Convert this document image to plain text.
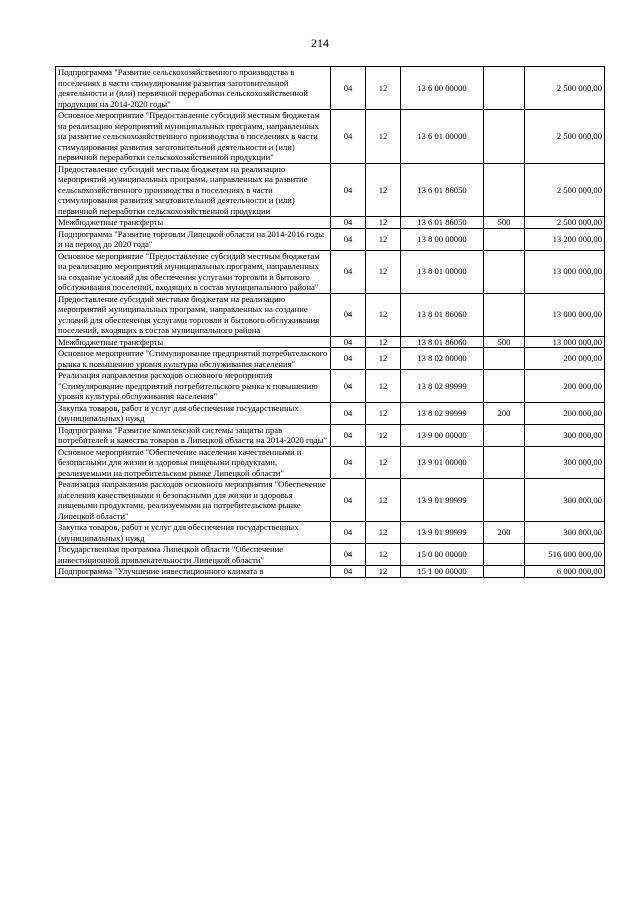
214
Подпрограмма "Развитие сельскохозяйственного производства в поселениях в части стимулирования развития заготовительной деятельности и (или) первичной переработки сельскохозяйственной продукции на 2014-2020 годы"	04	12	13 6 00 00000		2 500 000,00
Основное мероприятие "Предоставление субсидий местным бюджетам на реализацию мероприятий муниципальных программ, направленных на развитие сельскохозяйственного производства в поселениях в части стимулирования развития заготовительной деятельности и (или) первичной переработки сельскохозяйственной продукции"	04	12	13 6 01 00000		2 500 000,00
Предоставление субсидий местным бюджетам на реализацию мероприятий муниципальных программ, направленных на развитие сельскохозяйственного производства в поселениях в части стимулирования развития заготовительной деятельности и (или) первичной переработки сельскохозяйственной продукции	04	12	13 6 01 86050		2 500 000,00
Межбюджетные трансферты	04	12	13 6 01 86050	500	2 500 000,00
Подпрограмма "Развитие торговли Липецкой области на 2014-2016 годы и на период до 2020 года"	04	12	13 8 00 00000		13 200 000,00
Основное мероприятие "Предоставление субсидий местным бюджетам на реализацию мероприятий муниципальных программ, направленных на создание условий для обеспечения услугами торговли и бытового обслуживания поселений, входящих в состав муниципального района"	04	12	13 8 01 00000		13 000 000,00
Предоставление субсидий местным бюджетам на реализацию мероприятий муниципальных программ, направленных на создание условий для обеспечения услугами торговли и бытового обслуживания поселений, входящих в состав муниципального района	04	12	13 8 01 86060		13 000 000,00
Межбюджетные трансферты	04	12	13 8 01 86060	500	13 000 000,00
Основное мероприятие "Стимулирование предприятий потребительского рынка к повышению уровня культуры обслуживания населения"	04	12	13 8 02 00000		200 000,00
Реализация направления расходов основного мероприятия "Стимулирование предприятий потребительского рынка к повышению уровня культуры обслуживания населения"	04	12	13 8 02 99999		200 000,00
Закупка товаров, работ и услуг для обеспечения государственных (муниципальных) нужд	04	12	13 8 02 99999	200	200 000,00
Подпрограмма "Развитие комплексной системы защиты прав потребителей и качества товаров в Липецкой области на 2014-2020 годы"	04	12	13 9 00 00000		300 000,00
Основное мероприятие "Обеспечение населения качественными и безопасными для жизни и здоровья пищевыми продуктами, реализуемыми на потребительском рынке Липецкой области"	04	12	13 9 01 00000		300 000,00
Реализация направления расходов основного мероприятия "Обеспечение населения качественными и безопасными для жизни и здоровья пищевыми продуктами, реализуемыми на потребительском рынке Липецкой области"	04	12	13 9 01 99999		300 000,00
Закупка товаров, работ и услуг для обеспечения государственных (муниципальных) нужд	04	12	13 9 01 99999	200	300 000,00
Государственная программа Липецкой области "Обеспечение инвестиционной привлекательности Липецкой области"	04	12	15 0 00 00000		516 000 000,00
Подпрограмма "Улучшение инвестиционного климата в	04	12	15 1 00 00000		6 000 000,00
